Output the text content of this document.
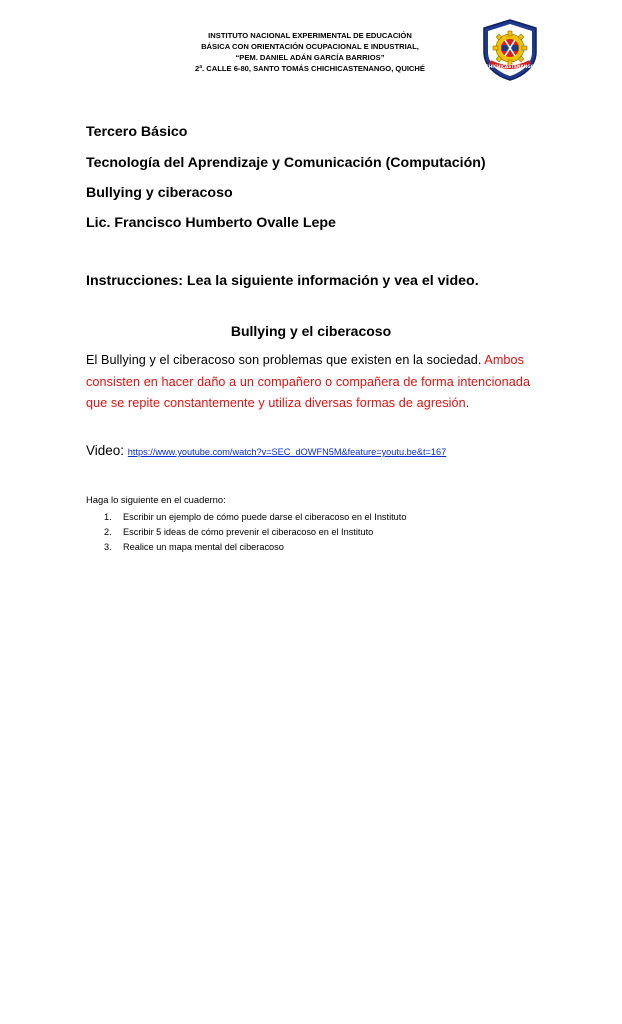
INSTITUTO NACIONAL EXPERIMENTAL DE EDUCACIÓN
BÁSICA CON ORIENTACIÓN OCUPACIONAL E INDUSTRIAL,
“PEM. DANIEL ADÁN GARCÍA BARRIOS”
2ª. CALLE 6-80, SANTO TOMÁS CHICHICASTENANGO, QUICHÉ	CHICHICASTENANGO
Tercero Básico
Tecnología del Aprendizaje y Comunicación (Computación)
Bullying y ciberacoso
Lic. Francisco Humberto Ovalle Lepe
Instrucciones: Lea la siguiente información y vea el video.
Bullying y el ciberacoso
El Bullying y el ciberacoso son problemas que existen en la sociedad. Ambos consisten en hacer daño a un compañero o compañera de forma intencionada que se repite constantemente y utiliza diversas formas de agresión.
Video: https://www.youtube.com/watch?v=SEC_dOWFN5M&feature=youtu.be&t=167
Haga lo siguiente en el cuaderno:
1. Escribir un ejemplo de cómo puede darse el ciberacoso en el Instituto
2. Escribir 5 ideas de cómo prevenir el ciberacoso en el Instituto
3. Realice un mapa mental del ciberacoso
